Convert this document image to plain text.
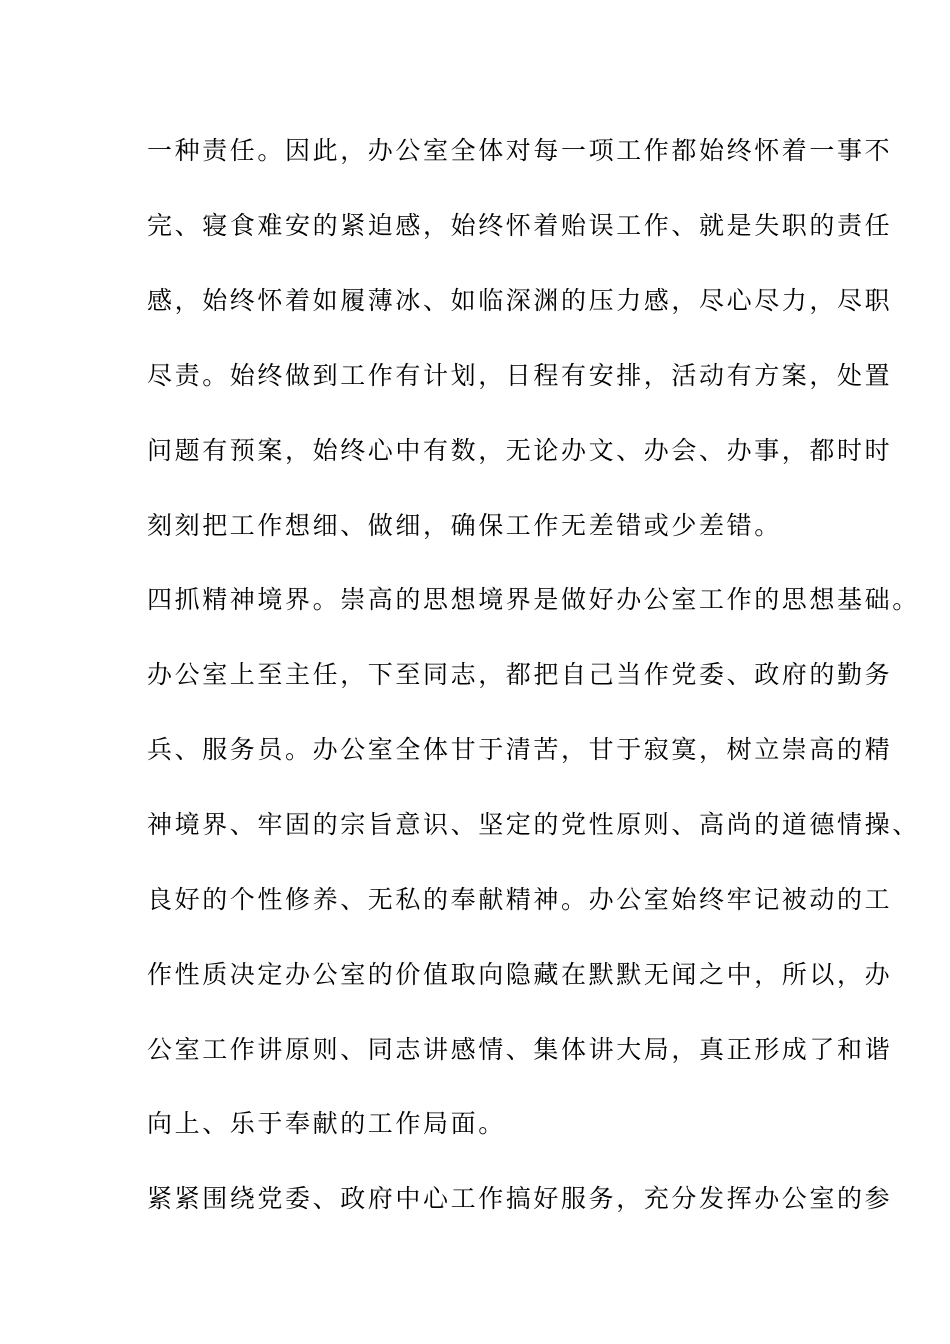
一种责任。因此，办公室全体对每一项工作都始终怀着一事不
完、寝食难安的紧迫感，始终怀着贻误工作、就是失职的责任
感，始终怀着如履薄冰、如临深渊的压力感，尽心尽力，尽职
尽责。始终做到工作有计划，日程有安排，活动有方案，处置
问题有预案，始终心中有数，无论办文、办会、办事，都时时
刻刻把工作想细、做细，确保工作无差错或少差错。
四抓精神境界。崇高的思想境界是做好办公室工作的思想基础。
办公室上至主任，下至同志，都把自己当作党委、政府的勤务
兵、服务员。办公室全体甘于清苦，甘于寂寞，树立崇高的精
神境界、牢固的宗旨意识、坚定的党性原则、高尚的道德情操、
良好的个性修养、无私的奉献精神。办公室始终牢记被动的工
作性质决定办公室的价值取向隐藏在默默无闻之中，所以，办
公室工作讲原则、同志讲感情、集体讲大局，真正形成了和谐
向上、乐于奉献的工作局面。
紧紧围绕党委、政府中心工作搞好服务，充分发挥办公室的参
